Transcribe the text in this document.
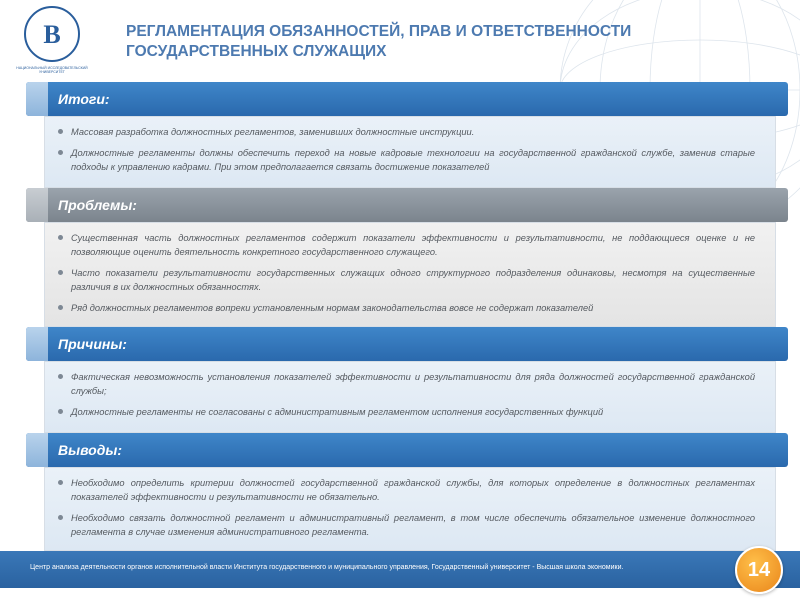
В
НАЦИОНАЛЬНЫЙ ИССЛЕДОВАТЕЛЬСКИЙ УНИВЕРСИТЕТ
РЕГЛАМЕНТАЦИЯ ОБЯЗАННОСТЕЙ, ПРАВ И ОТВЕТСТВЕННОСТИ
ГОСУДАРСТВЕННЫХ СЛУЖАЩИХ
Итоги:
Массовая разработка должностных регламентов, заменивших должностные инструкции.
Должностные регламенты должны обеспечить переход на новые кадровые технологии на государственной гражданской службе, заменив старые подходы к управлению кадрами. При этом предполагается связать достижение показателей
Проблемы:
Существенная часть должностных регламентов содержит показатели эффективности и результативности, не поддающиеся оценке и не позволяющие оценить деятельность конкретного государственного служащего.
Часто показатели результативности государственных служащих одного структурного подразделения одинаковы, несмотря на существенные различия в их должностных обязанностях.
Ряд должностных регламентов вопреки установленным нормам законодательства вовсе не содержат показателей
Причины:
Фактическая невозможность установления показателей эффективности и результативности для ряда должностей государственной гражданской службы;
Должностные регламенты не согласованы с административным регламентом исполнения государственных функций
Выводы:
Необходимо определить критерии должностей государственной гражданской службы, для которых определение в должностных регламентах показателей эффективности и результативности не обязательно.
Необходимо связать должностной регламент и административный регламент, в том числе обеспечить обязательное изменение должностного регламента в случае изменения административного регламента.
Центр анализа деятельности органов исполнительной власти Института государственного и муниципального управления, Государственный университет - Высшая школа экономики.	14
